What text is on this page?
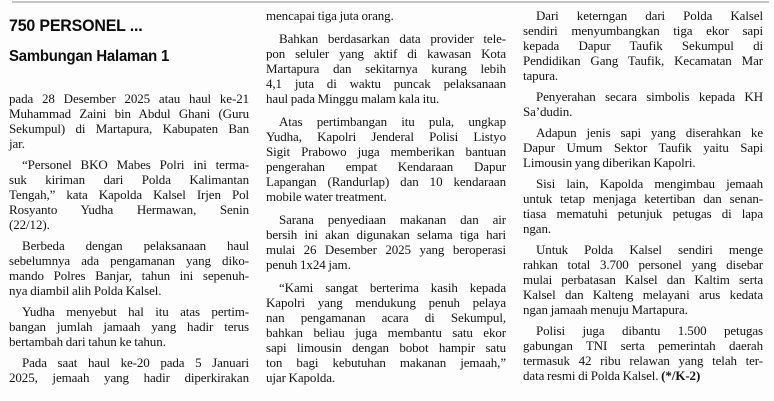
750 PERSONEL ...
Sambungan Halaman 1
pada 28 Desember 2025 atau haul ke-21
Muhammad Zaini bin Abdul Ghani (Guru
Sekumpul) di Martapura, Kabupaten Ban
jar.
“Personel BKO Mabes Polri ini terma-
suk kiriman dari Polda Kalimantan
Tengah,” kata Kapolda Kalsel Irjen Pol
Rosyanto Yudha Hermawan, Senin
(22/12).
Berbeda dengan pelaksanaan haul
sebelumnya ada pengamanan yang diko-
mando Polres Banjar, tahun ini sepenuh-
nya diambil alih Polda Kalsel.
Yudha menyebut hal itu atas pertim-
bangan jumlah jamaah yang hadir terus
bertambah dari tahun ke tahun.
Pada saat haul ke-20 pada 5 Januari
2025, jemaah yang hadir diperkirakan
mencapai tiga juta orang.
Bahkan berdasarkan data provider tele-
pon seluler yang aktif di kawasan Kota
Martapura dan sekitarnya kurang lebih
4,1 juta di waktu puncak pelaksanaan
haul pada Minggu malam kala itu.
Atas pertimbangan itu pula, ungkap
Yudha, Kapolri Jenderal Polisi Listyo
Sigit Prabowo juga memberikan bantuan
pengerahan empat Kendaraan Dapur
Lapangan (Randurlap) dan 10 kendaraan
mobile water treatment.
Sarana penyediaan makanan dan air
bersih ini akan digunakan selama tiga hari
mulai 26 Desember 2025 yang beroperasi
penuh 1x24 jam.
“Kami sangat berterima kasih kepada
Kapolri yang mendukung penuh pelaya
nan pengamanan acara di Sekumpul,
bahkan beliau juga membantu satu ekor
sapi limousin dengan bobot hampir satu
ton bagi kebutuhan makanan jemaah,”
ujar Kapolda.
Dari keterngan dari Polda Kalsel
sendiri menyumbangkan tiga ekor sapi
kepada Dapur Taufik Sekumpul di
Pendidikan Gang Taufik, Kecamatan Mar
tapura.
Penyerahan secara simbolis kepada KH
Sa’dudin.
Adapun jenis sapi yang diserahkan ke
Dapur Umum Sektor Taufik yaitu Sapi
Limousin yang diberikan Kapolri.
Sisi lain, Kapolda mengimbau jemaah
untuk tetap menjaga ketertiban dan senan-
tiasa mematuhi petunjuk petugas di lapa
ngan.
Untuk Polda Kalsel sendiri menge
rahkan total 3.700 personel yang disebar
mulai perbatasan Kalsel dan Kaltim serta
Kalsel dan Kalteng melayani arus kedata
ngan jamaah menuju Martapura.
Polisi juga dibantu 1.500 petugas
gabungan TNI serta pemerintah daerah
termasuk 42 ribu relawan yang telah ter-
data resmi di Polda Kalsel. (*/K-2)
